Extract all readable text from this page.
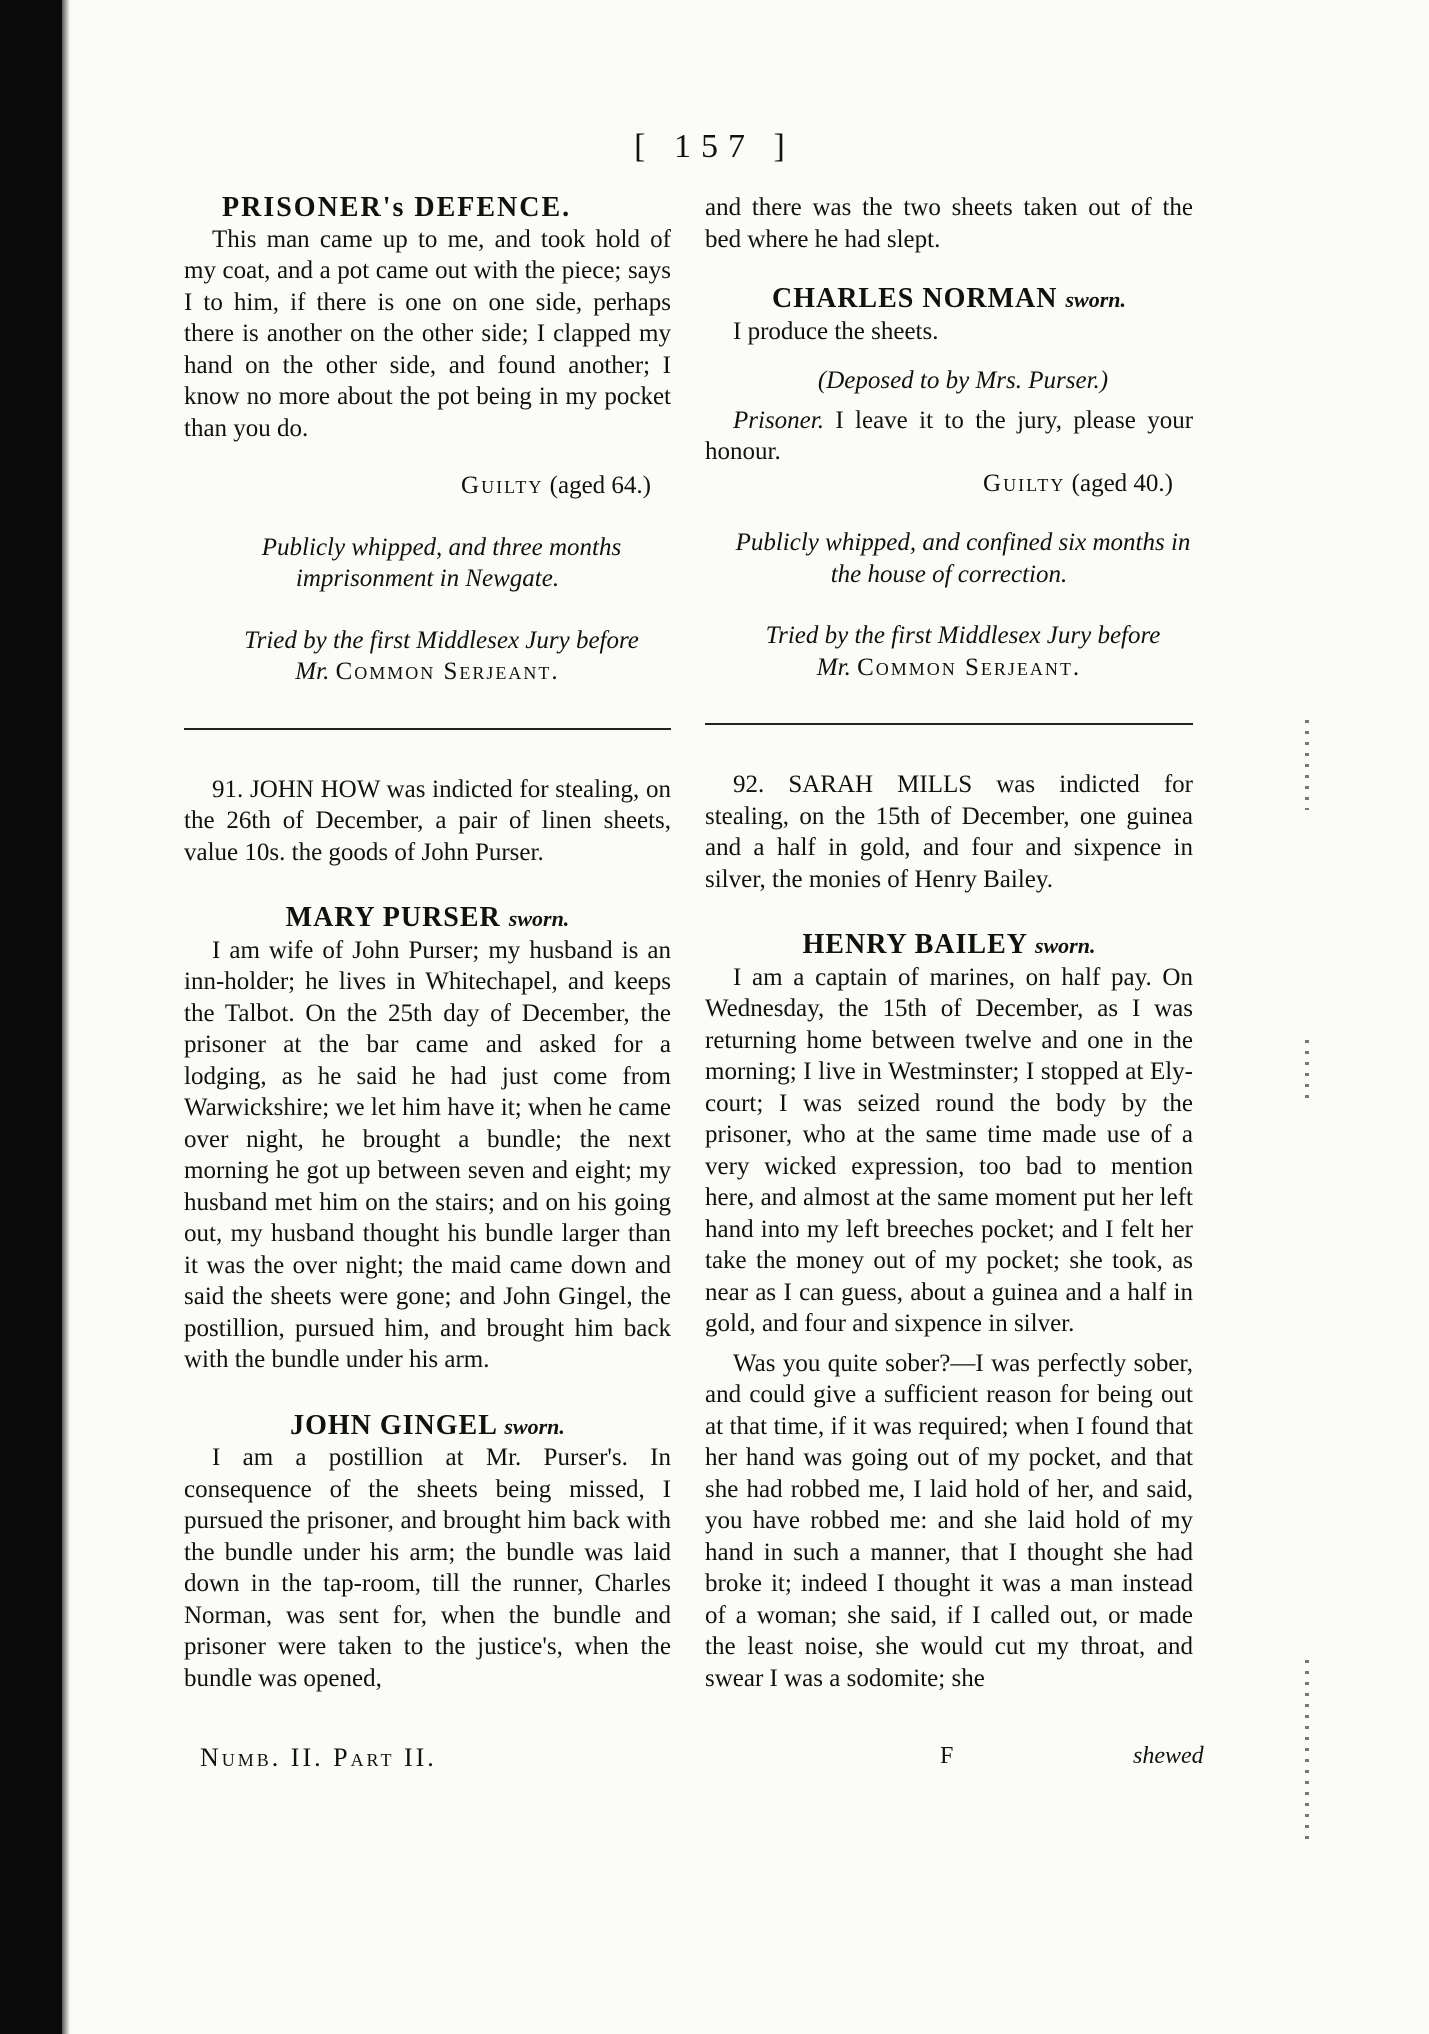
[ 157 ]
PRISONER's DEFENCE.

This man came up to me, and took hold of my coat, and a pot came out with the piece; says I to him, if there is one on one side, perhaps there is another on the other side; I clapped my hand on the other side, and found another; I know no more about the pot being in my pocket than you do.

Guilty (aged 64.)

Publicly whipped, and three months imprisonment in Newgate.

Tried by the first Middlesex Jury before
Mr. Common Serjeant.

91. JOHN HOW was indicted for stealing, on the 26th of December, a pair of linen sheets, value 10s. the goods of John Purser.

MARY PURSER sworn.

I am wife of John Purser; my husband is an inn-holder; he lives in Whitechapel, and keeps the Talbot. On the 25th day of December, the prisoner at the bar came and asked for a lodging, as he said he had just come from Warwickshire; we let him have it; when he came over night, he brought a bundle; the next morning he got up between seven and eight; my husband met him on the stairs; and on his going out, my husband thought his bundle larger than it was the over night; the maid came down and said the sheets were gone; and John Gingel, the postillion, pursued him, and brought him back with the bundle under his arm.

JOHN GINGEL sworn.

I am a postillion at Mr. Purser's. In consequence of the sheets being missed, I pursued the prisoner, and brought him back with the bundle under his arm; the bundle was laid down in the tap-room, till the runner, Charles Norman, was sent for, when the bundle and prisoner were taken to the justice's, when the bundle was opened,

and there was the two sheets taken out of the bed where he had slept.

CHARLES NORMAN sworn.

I produce the sheets.

(Deposed to by Mrs. Purser.)

Prisoner. I leave it to the jury, please your honour.

Guilty (aged 40.)

Publicly whipped, and confined six months in the house of correction.

Tried by the first Middlesex Jury before
Mr. Common Serjeant.

92. SARAH MILLS was indicted for stealing, on the 15th of December, one guinea and a half in gold, and four and sixpence in silver, the monies of Henry Bailey.

HENRY BAILEY sworn.

I am a captain of marines, on half pay. On Wednesday, the 15th of December, as I was returning home between twelve and one in the morning; I live in Westminster; I stopped at Ely-court; I was seized round the body by the prisoner, who at the same time made use of a very wicked expression, too bad to mention here, and almost at the same moment put her left hand into my left breeches pocket; and I felt her take the money out of my pocket; she took, as near as I can guess, about a guinea and a half in gold, and four and sixpence in silver.

Was you quite sober?—I was perfectly sober, and could give a sufficient reason for being out at that time, if it was required; when I found that her hand was going out of my pocket, and that she had robbed me, I laid hold of her, and said, you have robbed me: and she laid hold of my hand in such a manner, that I thought she had broke it; indeed I thought it was a man instead of a woman; she said, if I called out, or made the least noise, she would cut my throat, and swear I was a sodomite; she

Numb. II. Part II.	F	shewed
